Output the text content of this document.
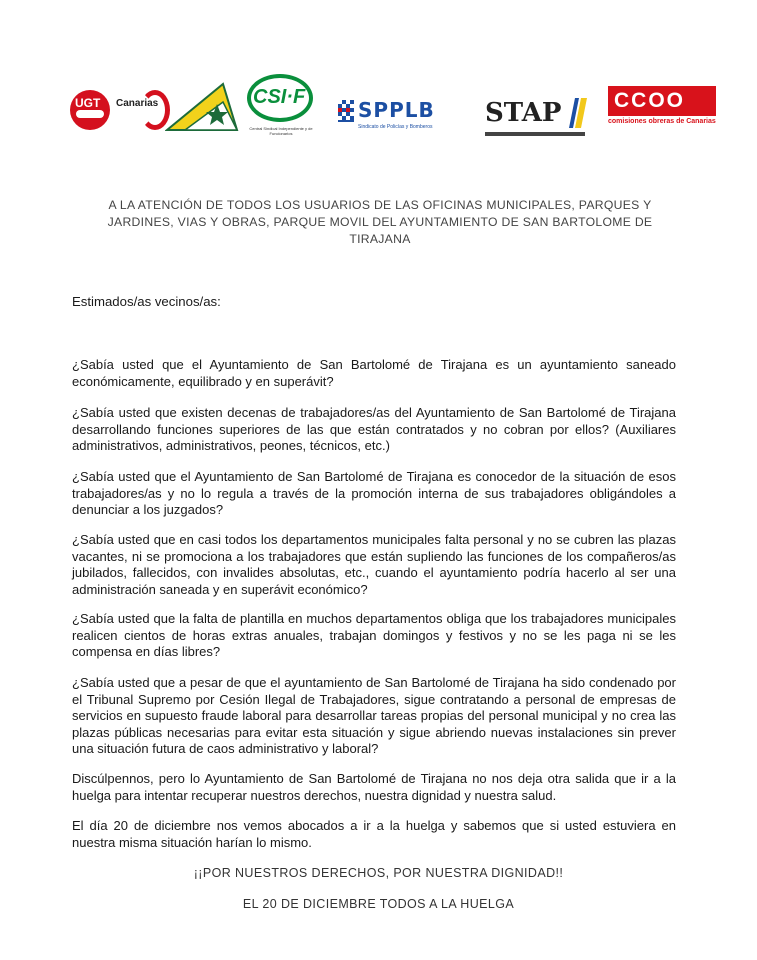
UGT Canarias	CSI·F
Central Sindical Independiente y de Funcionarios
SPPLB
Sindicato de Policías y Bomberos STAP	CCOO
comisiones obreras de Canarias
A LA ATENCIÓN DE TODOS LOS USUARIOS DE LAS OFICINAS MUNICIPALES, PARQUES Y JARDINES, VIAS Y OBRAS, PARQUE MOVIL DEL AYUNTAMIENTO DE SAN BARTOLOME DE TIRAJANA
Estimados/as vecinos/as:
¿Sabía usted que el Ayuntamiento de San Bartolomé de Tirajana es un ayuntamiento saneado económicamente, equilibrado y en superávit?
¿Sabía usted que existen decenas de trabajadores/as del Ayuntamiento de San Bartolomé de Tirajana desarrollando funciones superiores de las que están contratados y no cobran por ellos? (Auxiliares administrativos, administrativos, peones, técnicos, etc.)
¿Sabía usted que el Ayuntamiento de San Bartolomé de Tirajana es conocedor de la situación de esos trabajadores/as y no lo regula a través de la promoción interna de sus trabajadores obligándoles a denunciar a los juzgados?
¿Sabía usted que en casi todos los departamentos municipales falta personal y no se cubren las plazas vacantes, ni se promociona a los trabajadores que están supliendo las funciones de los compañeros/as jubilados, fallecidos, con invalides absolutas, etc., cuando el ayuntamiento podría hacerlo al ser una administración saneada y en superávit económico?
¿Sabía usted que la falta de plantilla en muchos departamentos obliga que los trabajadores municipales realicen cientos de horas extras anuales, trabajan domingos y festivos y no se les paga ni se les compensa en días libres?
¿Sabía usted que a pesar de que el ayuntamiento de San Bartolomé de Tirajana ha sido condenado por el Tribunal Supremo por Cesión Ilegal de Trabajadores, sigue contratando a personal de empresas de servicios en supuesto fraude laboral para desarrollar tareas propias del personal municipal y no crea las plazas públicas necesarias para evitar esta situación y sigue abriendo nuevas instalaciones sin prever una situación futura de caos administrativo y laboral?
Discúlpennos, pero lo Ayuntamiento de San Bartolomé de Tirajana no nos deja otra salida que ir a la huelga para intentar recuperar nuestros derechos, nuestra dignidad y nuestra salud.
El día 20 de diciembre nos vemos abocados a ir a la huelga y sabemos que si usted estuviera en nuestra misma situación harían lo mismo.
¡¡POR NUESTROS DERECHOS, POR NUESTRA DIGNIDAD!!
EL 20 DE DICIEMBRE TODOS A LA HUELGA
